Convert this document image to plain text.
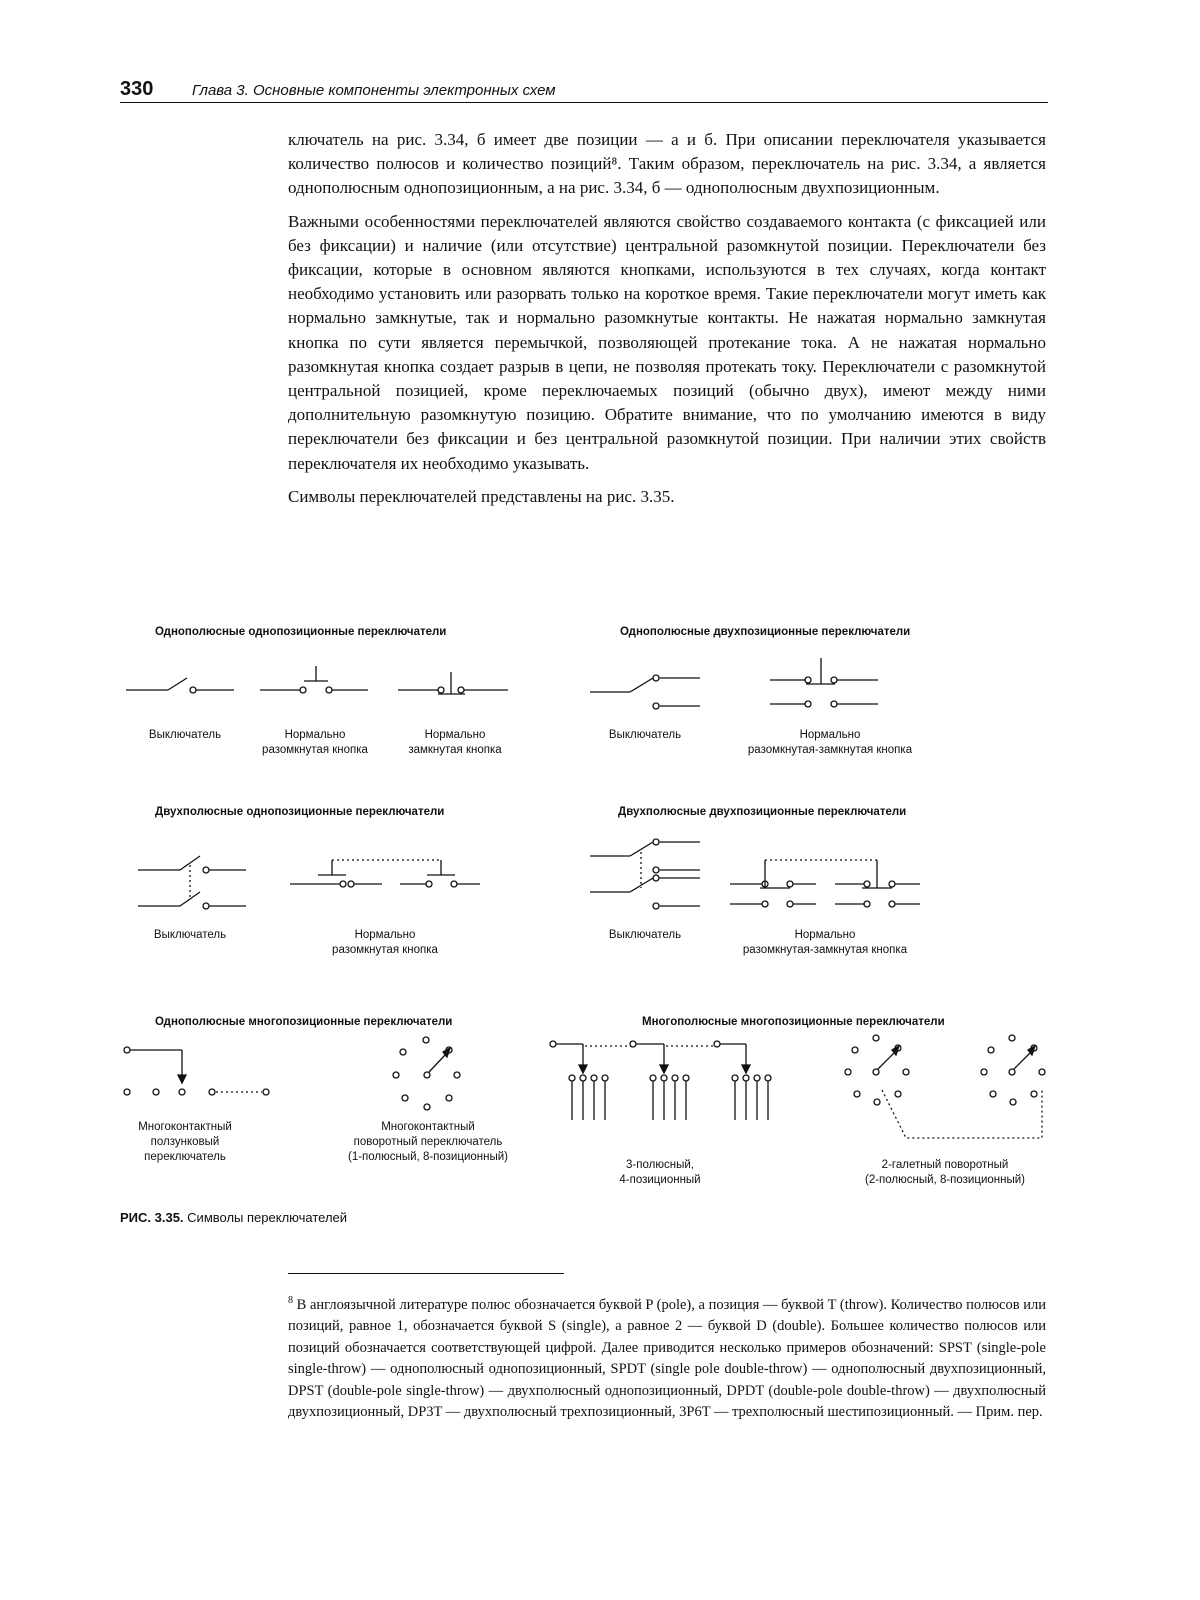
330	Глава 3. Основные компоненты электронных схем

ключатель на рис. 3.34, б имеет две позиции — а и б. При описании переключателя указывается количество полюсов и количество позиций⁸. Таким образом, переключатель на рис. 3.34, а является однополюсным однопозиционным, а на рис. 3.34, б — однополюсным двухпозиционным.

Важными особенностями переключателей являются свойство создаваемого контакта (с фиксацией или без фиксации) и наличие (или отсутствие) центральной разомкнутой позиции. Переключатели без фиксации, которые в основном являются кнопками, используются в тех случаях, когда контакт необходимо установить или разорвать только на короткое время. Такие переключатели могут иметь как нормально замкнутые, так и нормально разомкнутые контакты. Не нажатая нормально замкнутая кнопка по сути является перемычкой, позволяющей протекание тока. А не нажатая нормально разомкнутая кнопка создает разрыв в цепи, не позволяя протекать току. Переключатели с разомкнутой центральной позицией, кроме переключаемых позиций (обычно двух), имеют между ними дополнительную разомкнутую позицию. Обратите внимание, что по умолчанию имеются в виду переключатели без фиксации и без центральной разомкнутой позиции. При наличии этих свойств переключателя их необходимо указывать.

Символы переключателей представлены на рис. 3.35.

Однополюсные однопозиционные переключатели	Однополюсные двухпозиционные переключатели
Двухполюсные однопозиционные переключатели	Двухполюсные двухпозиционные переключатели
Однополюсные многопозиционные переключатели	Многополюсные многопозиционные переключатели
Выключатель	Нормально
разомкнутая кнопка
Нормально
замкнутая кнопка
Выключатель	Нормально
разомкнутая-замкнутая кнопка
Выключатель	Нормально
разомкнутая кнопка
Выключатель	Нормально
разомкнутая-замкнутая кнопка
Многоконтактный
ползунковый
переключатель
Многоконтактный
поворотный переключатель
(1-полюсный, 8-позиционный)
3-полюсный,
4-позиционный
2-галетный поворотный
(2-полюсный, 8-позиционный)
РИС. 3.35. Символы переключателей
$^8$ В англоязычной литературе полюс обозначается буквой P (pole), а позиция — буквой T (throw). Количество полюсов или позиций, равное 1, обозначается буквой S (single), а равное 2 — буквой D (double). Большее количество полюсов или позиций обозначается соответствующей цифрой. Далее приводится несколько примеров обозначений: SPST (single-pole single-throw) — однополюсный однопозиционный, SPDT (single pole double-throw) — однополюсный двухпозиционный, DPST (double-pole single-throw) — двухполюсный однопозиционный, DPDT (double-pole double-throw) — двухполюсный двухпозиционный, DP3T — двухполюсный трехпозиционный, 3P6T — трехполюсный шестипозиционный. — Прим. пер.
